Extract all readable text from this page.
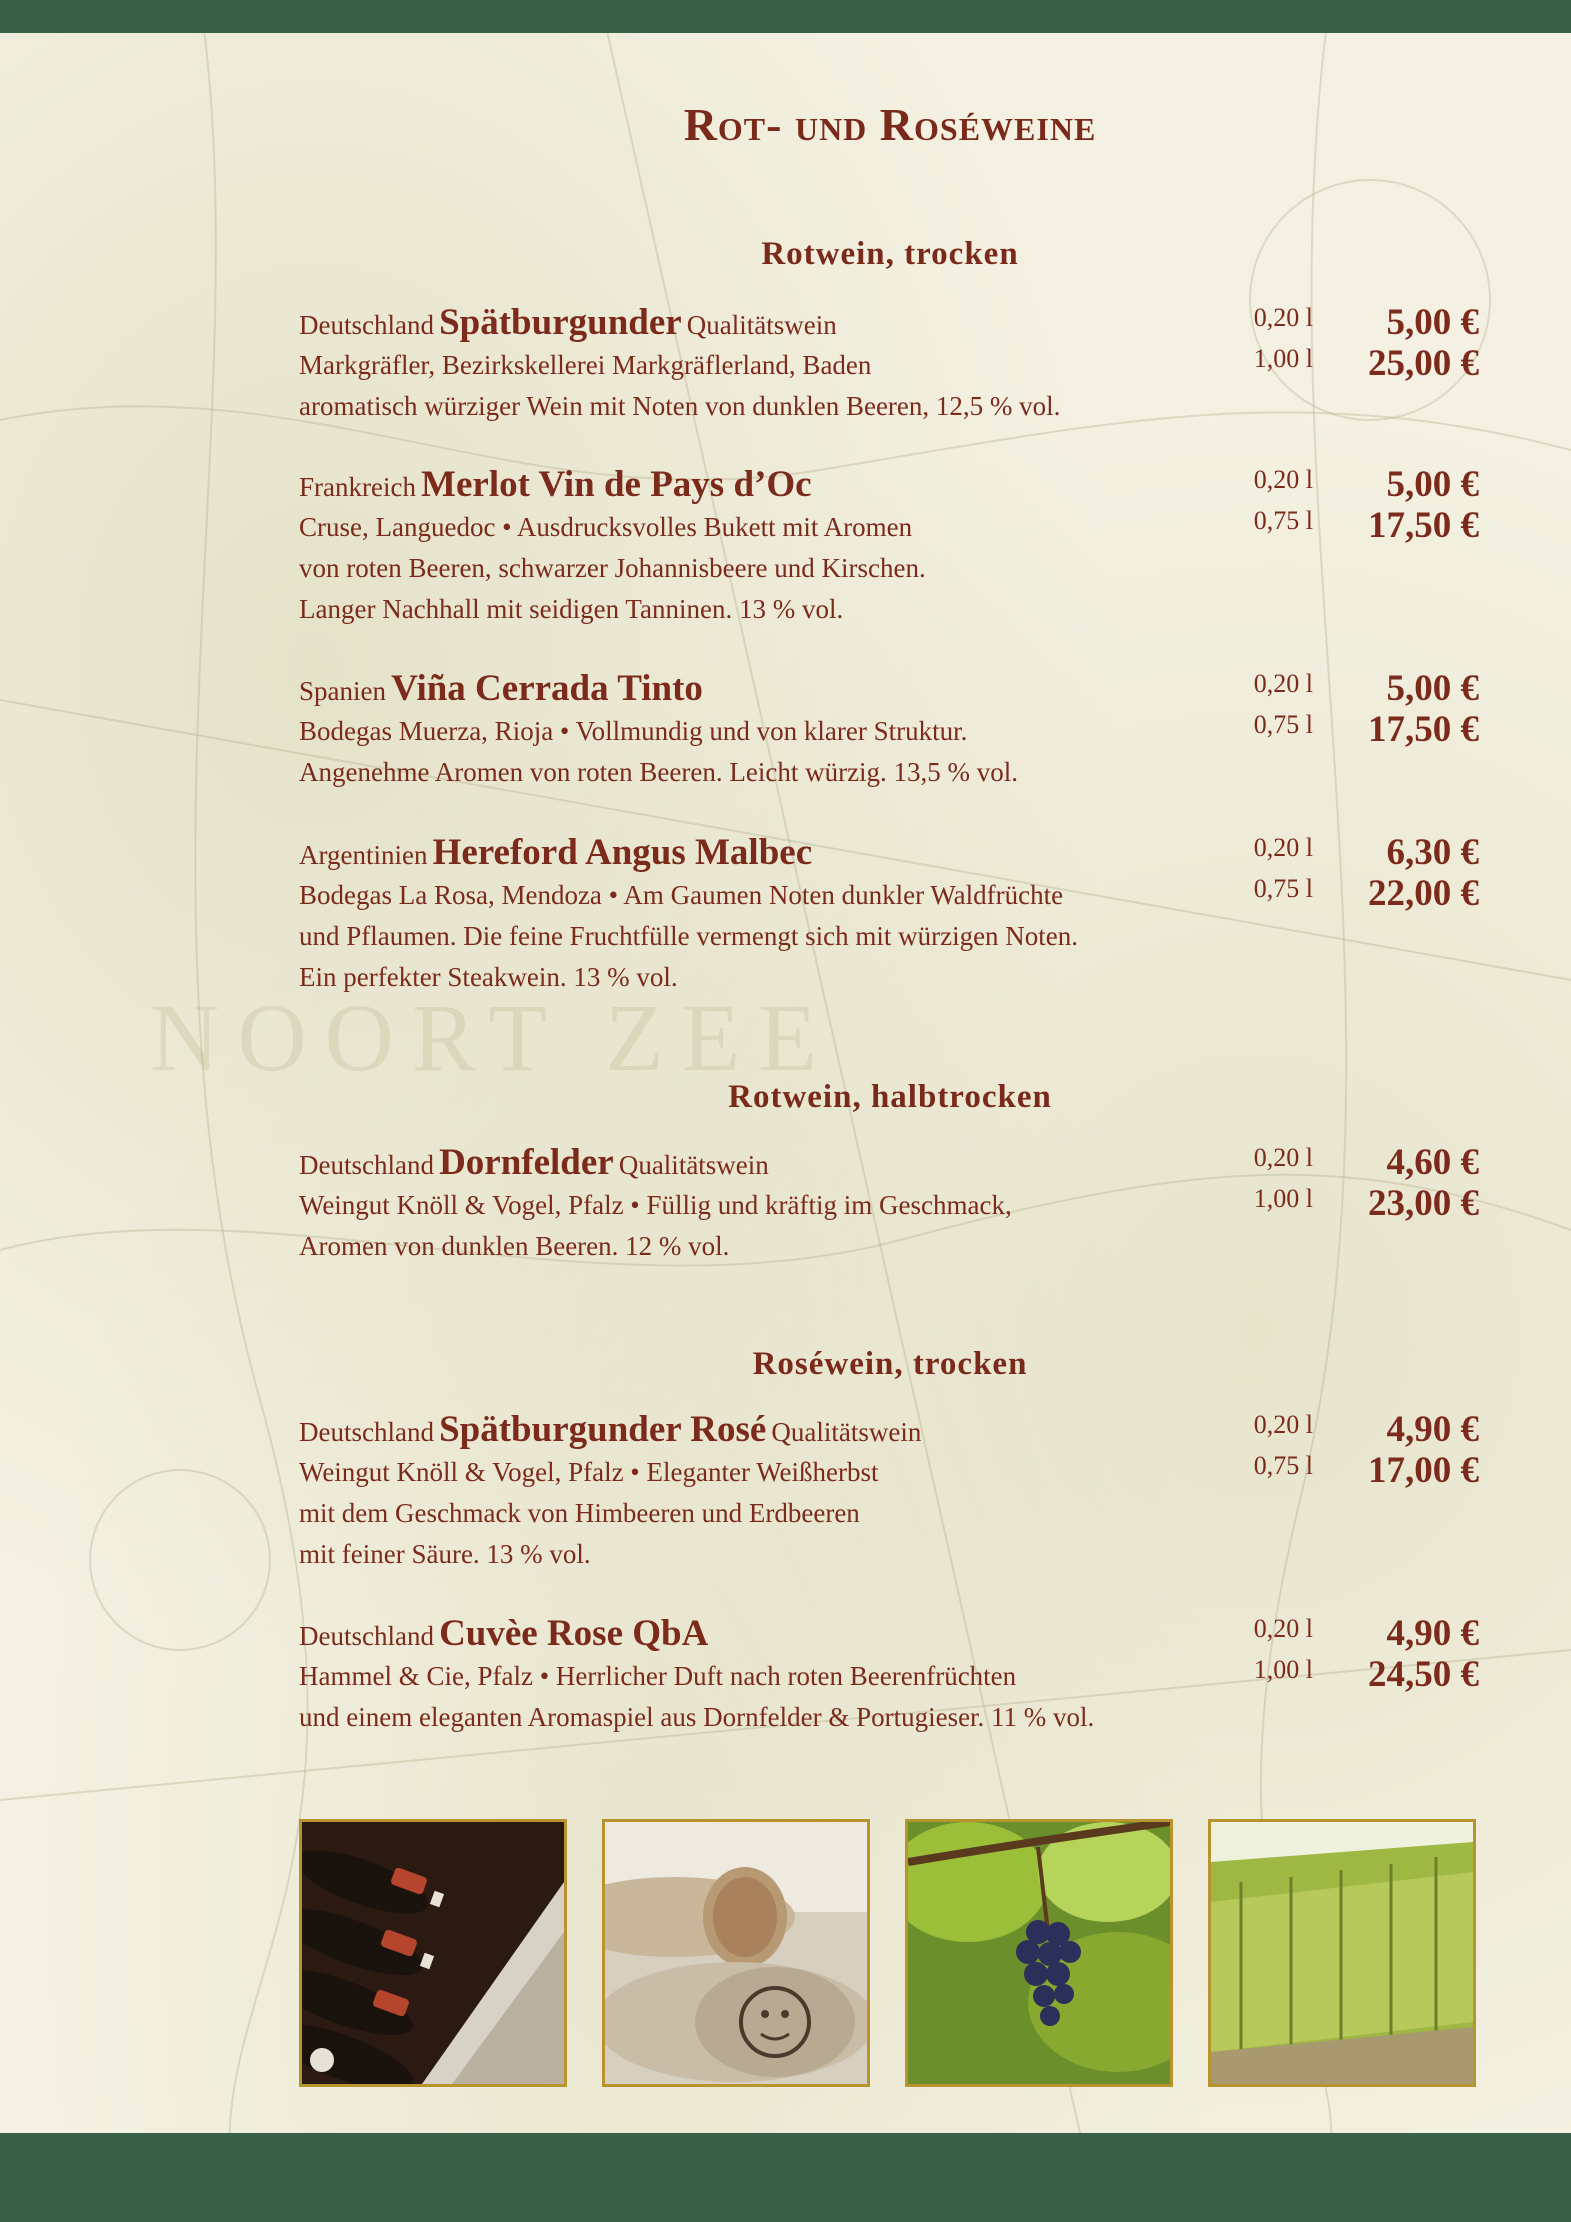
NOORT ZEE
Rot- und Roséweine
Rotwein, trocken
Deutschland Spätburgunder Qualitätswein
Markgräfler, Bezirkskellerei Markgräflerland, Baden
aromatisch würziger Wein mit Noten von dunklen Beeren, 12,5 % vol.
0,20 l	5,00 €
1,00 l	25,00 €
Frankreich Merlot Vin de Pays d’Oc
Cruse, Languedoc • Ausdrucksvolles Bukett mit Aromen
von roten Beeren, schwarzer Johannisbeere und Kirschen.
Langer Nachhall mit seidigen Tanninen. 13 % vol.
0,20 l	5,00 €
0,75 l	17,50 €
Spanien Viña Cerrada Tinto
Bodegas Muerza, Rioja • Vollmundig und von klarer Struktur.
Angenehme Aromen von roten Beeren. Leicht würzig. 13,5 % vol.
0,20 l	5,00 €
0,75 l	17,50 €
Argentinien Hereford Angus Malbec
Bodegas La Rosa, Mendoza • Am Gaumen Noten dunkler Waldfrüchte
und Pflaumen. Die feine Fruchtfülle vermengt sich mit würzigen Noten.
Ein perfekter Steakwein. 13 % vol.
0,20 l	6,30 €
0,75 l	22,00 €
Rotwein, halbtrocken
Deutschland Dornfelder Qualitätswein
Weingut Knöll & Vogel, Pfalz • Füllig und kräftig im Geschmack,
Aromen von dunklen Beeren. 12 % vol.
0,20 l	4,60 €
1,00 l	23,00 €
Roséwein, trocken
Deutschland Spätburgunder Rosé Qualitätswein
Weingut Knöll & Vogel, Pfalz • Eleganter Weißherbst
mit dem Geschmack von Himbeeren und Erdbeeren
mit feiner Säure. 13 % vol.
0,20 l	4,90 €
0,75 l	17,00 €
Deutschland Cuvèe Rose QbA
Hammel & Cie, Pfalz • Herrlicher Duft nach roten Beerenfrüchten
und einem eleganten Aromaspiel aus Dornfelder & Portugieser. 11 % vol.
0,20 l	4,90 €
1,00 l	24,50 €
